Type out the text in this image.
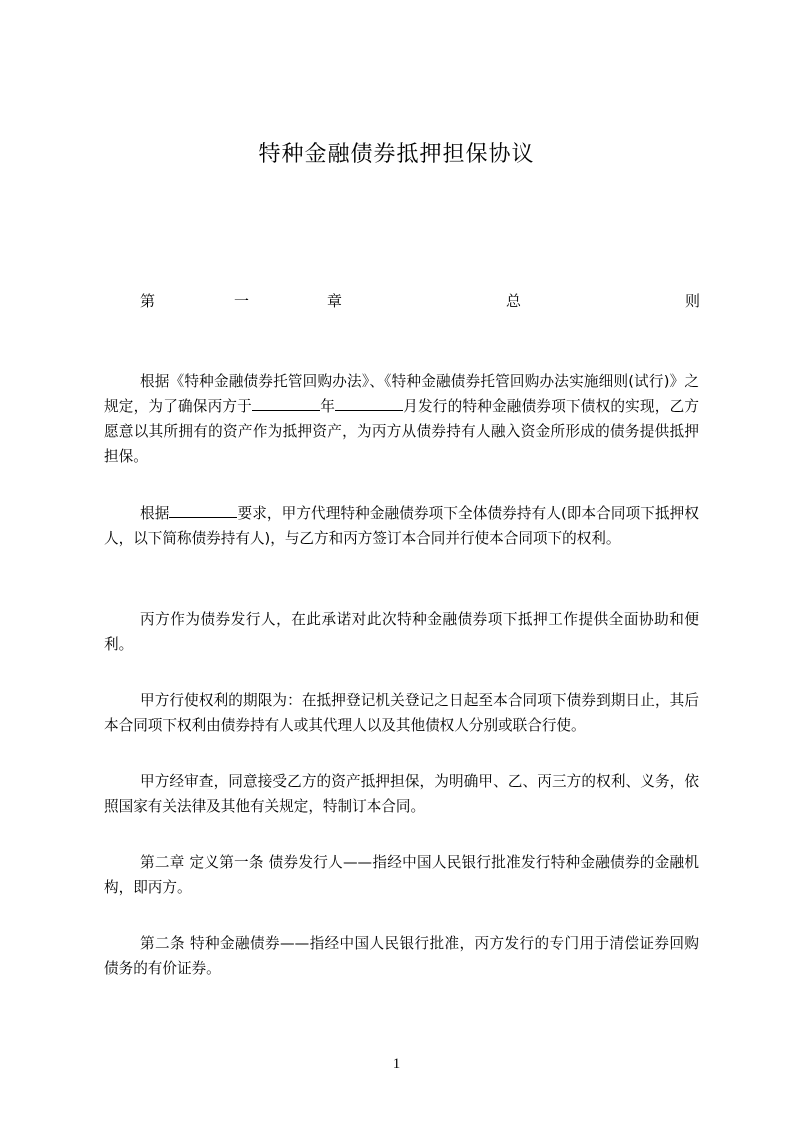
特种金融债券抵押担保协议
第	一	章	总	则

根据《特种金融债券托管回购办法》、《特种金融债券托管回购办法实施细则(试行)》之规定，为了确保丙方于	年	月发行的特种金融债券项下债权的实现，乙方愿意以其所拥有的资产作为抵押资产，为丙方从债券持有人融入资金所形成的债务提供抵押担保。

根据	要求，甲方代理特种金融债券项下全体债券持有人(即本合同项下抵押权人，以下简称债券持有人)，与乙方和丙方签订本合同并行使本合同项下的权利。

丙方作为债券发行人，在此承诺对此次特种金融债券项下抵押工作提供全面协助和便利。

甲方行使权利的期限为：在抵押登记机关登记之日起至本合同项下债券到期日止，其后本合同项下权利由债券持有人或其代理人以及其他债权人分别或联合行使。

甲方经审查，同意接受乙方的资产抵押担保，为明确甲、乙、丙三方的权利、义务，依照国家有关法律及其他有关规定，特制订本合同。

第二章 定义第一条 债券发行人——指经中国人民银行批准发行特种金融债券的金融机构，即丙方。

第二条 特种金融债券——指经中国人民银行批准，丙方发行的专门用于清偿证券回购债务的有价证券。

1
